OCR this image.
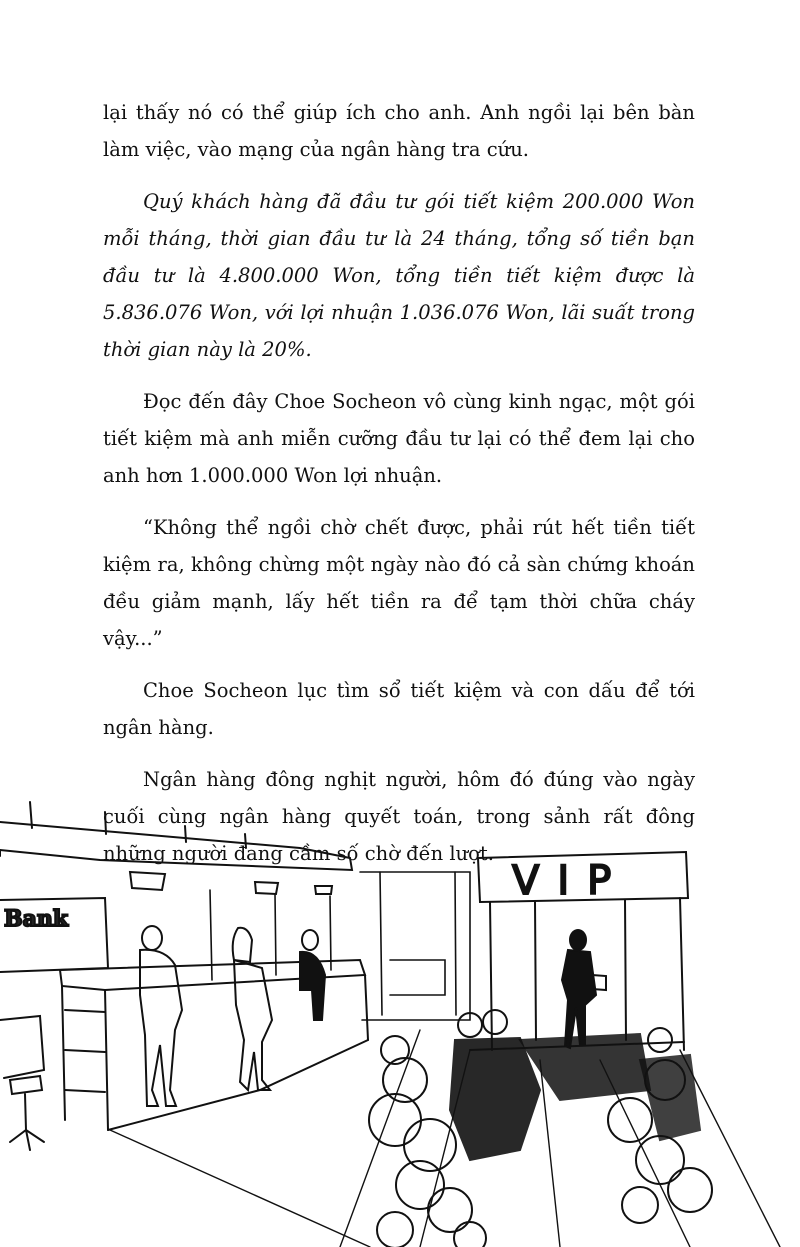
lại thấy nó có thể giúp ích cho anh. Anh ngồi lại bên bàn làm việc, vào mạng của ngân hàng tra cứu.

Quý khách hàng đã đầu tư gói tiết kiệm 200.000 Won mỗi tháng, thời gian đầu tư là 24 tháng, tổng số tiền bạn đầu tư là 4.800.000 Won, tổng tiền tiết kiệm được là 5.836.076 Won, với lợi nhuận 1.036.076 Won, lãi suất trong thời gian này là 20%.

Đọc đến đây Choe Socheon vô cùng kinh ngạc, một gói tiết kiệm mà anh miễn cưỡng đầu tư lại có thể đem lại cho anh hơn 1.000.000 Won lợi nhuận.

“Không thể ngồi chờ chết được, phải rút hết tiền tiết kiệm ra, không chừng một ngày nào đó cả sàn chứng khoán đều giảm mạnh, lấy hết tiền ra để tạm thời chữa cháy vậy...”

Choe Socheon lục tìm sổ tiết kiệm và con dấu để tới ngân hàng.

Ngân hàng đông nghịt người, hôm đó đúng vào ngày cuối cùng ngân hàng quyết toán, trong sảnh rất đông những người đang cầm số chờ đến lượt.

Bank
VIP
